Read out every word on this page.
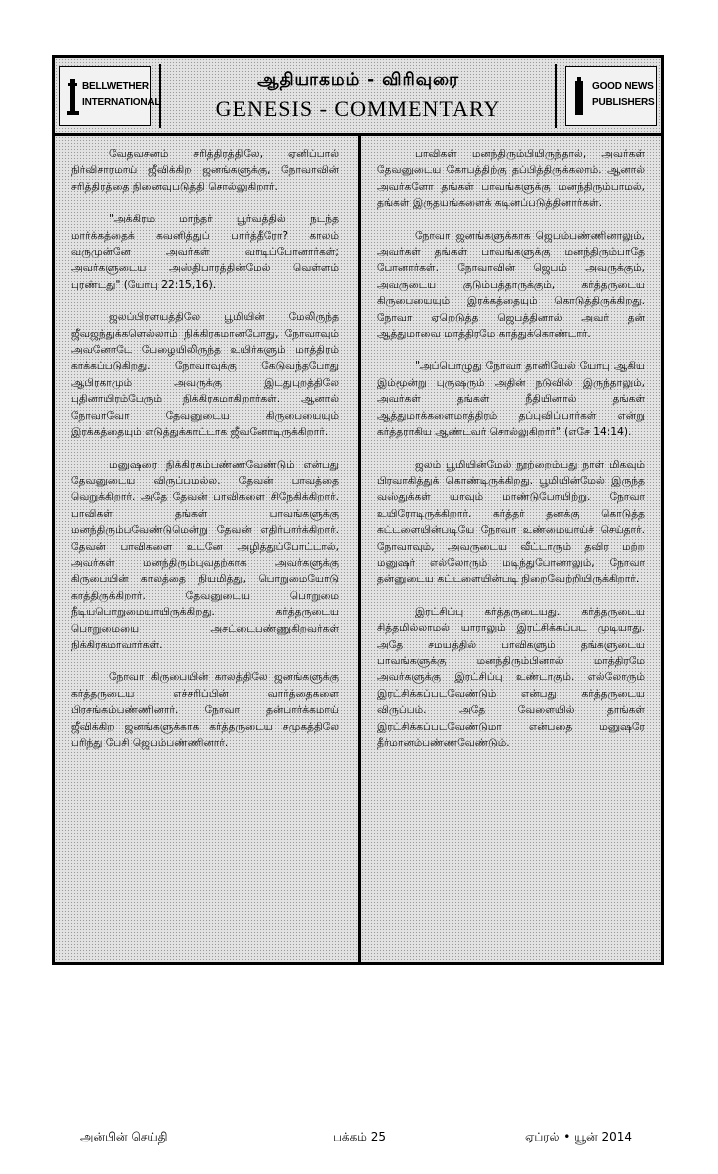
BELLWETHER
INTERNATIONAL
ஆதியாகமம் - விரிவுரை
GENESIS - COMMENTARY
GOOD NEWS
PUBLISHERS

வேதவசனம் சரித்திரத்திலே, ஏனிப்பால் நிர்விசாரமாய் ஜீவிக்கிற ஜனங்களுக்கு, நோவாவின் சரித்திரத்தை நினைவுபடுத்தி சொல்லுகிறார்.

"அக்கிரம மாந்தர் பூர்வத்தில் நடந்த மார்க்கத்தைக் கவனித்துப் பார்த்தீரோ? காலம் வருமுன்னே அவர்கள் வாடிப்போனார்கள்; அவர்களுடைய அஸ்திபாரத்தின்மேல் வெள்ளம் புரண்டது" (யோபு 22:15,16).

ஜலப்பிரளயத்திலே பூமியின் மேலிருந்த ஜீவஜந்துக்களெல்லாம் நிக்கிரகமானபோது, நோவாவும் அவனோடே பேழையிலிருந்த உயிர்களும் மாத்திரம் காக்கப்படுகிறது. நோவாவுக்கு கேடுவந்தபோது ஆபிரகாமும் அவருக்கு இடதுபுறத்திலே புதினாயிரம்பேரும் நிக்கிரகமாகிறார்கள். ஆனால் நோவாவோ தேவனுடைய கிருபையையும் இரக்கத்தையும் எடுத்துக்காட்டாக ஜீவனோடிருக்கிறார்.

மனுஷரை நிக்கிரகம்பண்ணவேண்டும் என்பது தேவனுடைய விருப்பமல்ல. தேவன் பாவத்தை வெறுக்கிறார். அதே தேவன் பாவிகளை சிநேகிக்கிறார். பாவிகள் தங்கள் பாவங்களுக்கு மனந்திரும்பவேண்டுமென்று தேவன் எதிர்பார்க்கிறார். தேவன் பாவிகளை உடனே அழித்துப்போட்டால், அவர்கள் மனந்திரும்புவதற்காக அவர்களுக்கு கிருபையின் காலத்தை நியமித்து, பொறுமையோடு காத்திருக்கிறார். தேவனுடைய பொறுமை நீடியபொறுமையாயிருக்கிறது. கர்த்தருடைய பொறுமையை அசட்டைபண்ணுகிறவர்கள் நிக்கிரகமாவார்கள்.

நோவா கிருபையின் காலத்திலே ஜனங்களுக்கு கர்த்தருடைய எச்சரிப்பின் வார்த்தைகளை பிரசங்கம்பண்ணினார். நோவா தன்பார்க்கமாய் ஜீவிக்கிற ஜனங்களுக்காக கர்த்தருடைய சமுகத்திலே பரிந்து பேசி ஜெபம்பண்ணினார்.

பாவிகள் மனந்திரும்பியிருந்தால், அவர்கள் தேவனுடைய கோபத்திற்கு தப்பித்திருக்கலாம். ஆனால் அவர்களோ தங்கள் பாவங்களுக்கு மனந்திரும்பாமல், தங்கள் இருதயங்களைக் கடினப்படுத்தினார்கள்.

நோவா ஜனங்களுக்காக ஜெபம்பண்ணினாலும், அவர்கள் தங்கள் பாவங்களுக்கு மனந்திரும்பாதே போனார்கள். நோவாவின் ஜெபம் அவருக்கும், அவருடைய குடும்பத்தாருக்கும், கர்த்தருடைய கிருபையையும் இரக்கத்தையும் கொடுத்திருக்கிறது. நோவா ஏறெடுத்த ஜெபத்தினால் அவர் தன் ஆத்துமாவை மாத்திரமே காத்துக்கொண்டார்.

"அப்பொழுது நோவா தானியேல் யோபு ஆகிய இம்மூன்று புருஷரும் அதின் நடுவில் இருந்தாலும், அவர்கள் தங்கள் நீதியினால் தங்கள் ஆத்துமாக்களைமாத்திரம் தப்புவிப்பார்கள் என்று கர்த்தராகிய ஆண்டவர் சொல்லுகிறார்" (எசே 14:14).

ஜலம் பூமியின்மேல் நூற்றைம்பது நாள் மிகவும் பிரவாகித்துக் கொண்டிருக்கிறது. பூமியின்மேல் இருந்த வஸ்துக்கள் யாவும் மாண்டுபோயிற்று. நோவா உயிரோடிருக்கிறார். கர்த்தர் தனக்கு கொடுத்த கட்டளையின்படியே நோவா உண்மையாய்ச் செய்தார். நோவாவும், அவருடைய வீட்டாரும் தவிர மற்ற மனுஷர் எல்லோரும் மடிந்துபோனாலும், நோவா தன்னுடைய கட்டளையின்படி நிறைவேற்றியிருக்கிறார்.

இரட்சிப்பு கர்த்தருடையது. கர்த்தருடைய சித்தமில்லாமல் யாராலும் இரட்சிக்கப்பட முடியாது. அதே சமயத்தில் பாவிகளும் தங்களுடைய பாவங்களுக்கு மனந்திரும்பினால் மாத்திரமே அவர்களுக்கு இரட்சிப்பு உண்டாகும். எல்லோரும் இரட்சிக்கப்படவேண்டும் என்பது கர்த்தருடைய விருப்பம். அதே வேளையில் தாங்கள் இரட்சிக்கப்படவேண்டுமா என்பதை மனுஷரே தீர்மானம்பண்ணவேண்டும்.

அன்பின் செய்தி	பக்கம் 25	ஏப்ரல் • யூன் 2014
